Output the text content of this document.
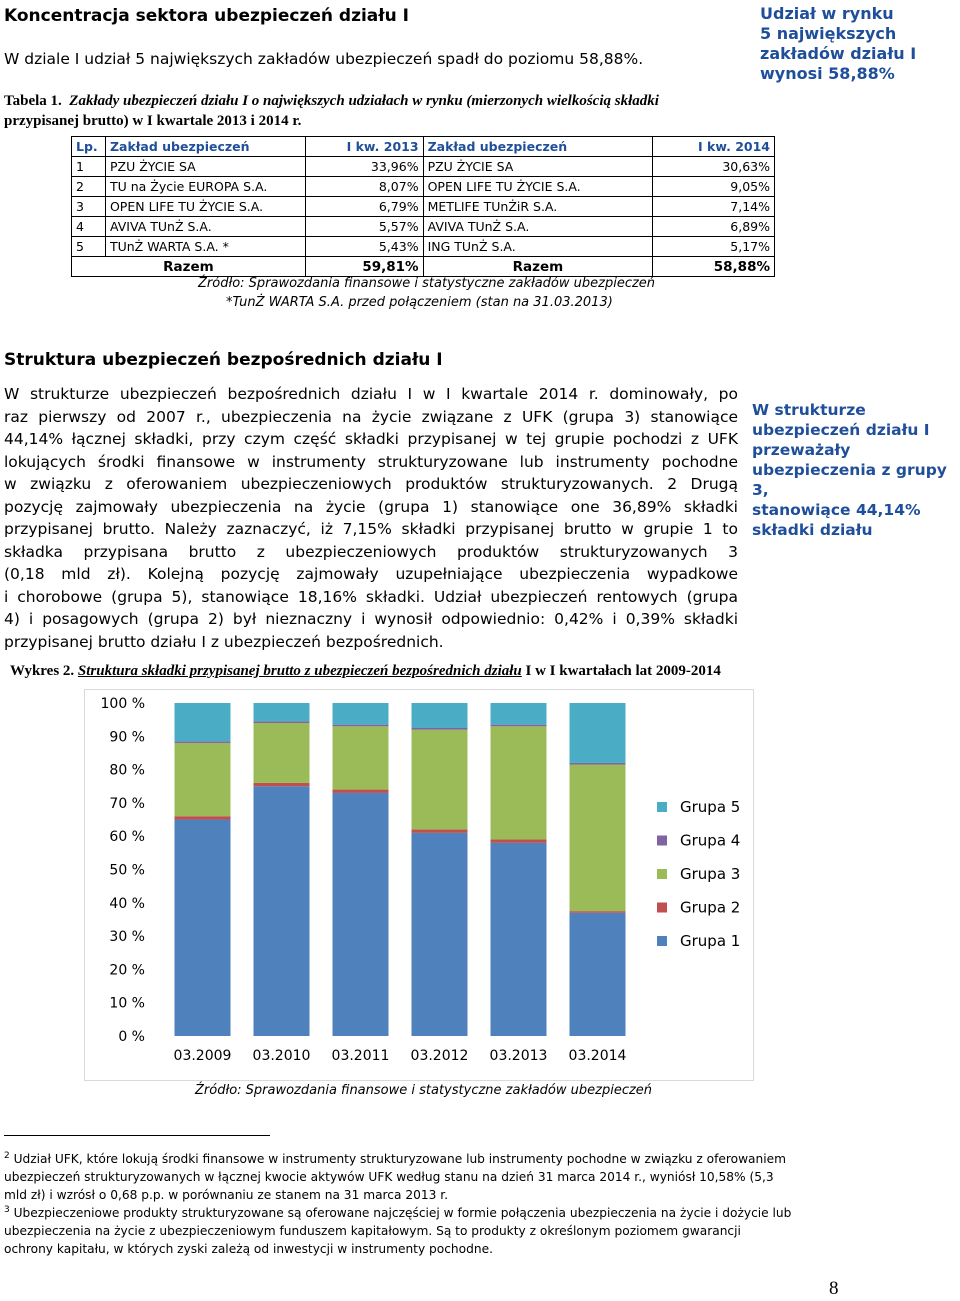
Koncentracja sektora ubezpieczeń działu I
W dziale I udział 5 największych zakładów ubezpieczeń spadł do poziomu 58,88%.
Udział w rynku
5 największych
zakładów działu I
wynosi 58,88%
Tabela 1. Zakłady ubezpieczeń działu I o największych udziałach w rynku (mierzonych wielkością składki
przypisanej brutto) w I kwartale 2013 i 2014 r.
Lp.	Zakład ubezpieczeń	I kw. 2013	Zakład ubezpieczeń	I kw. 2014
1	PZU ŻYCIE SA	33,96%	PZU ŻYCIE SA	30,63%
2	TU na Życie EUROPA S.A.	8,07%	OPEN LIFE TU ŻYCIE S.A.	9,05%
3	OPEN LIFE TU ŻYCIE S.A.	6,79%	METLIFE TUnŻiR S.A.	7,14%
4	AVIVA TUnŻ S.A.	5,57%	AVIVA TUnŻ S.A.	6,89%
5	TUnŻ WARTA S.A. *	5,43%	ING TUnŻ S.A.	5,17%
Razem		59,81%	Razem	58,88%
Źródło: Sprawozdania finansowe i statystyczne zakładów ubezpieczeń
*TunŻ WARTA S.A. przed połączeniem (stan na 31.03.2013)
Struktura ubezpieczeń bezpośrednich działu I
W strukturze ubezpieczeń bezpośrednich działu I w I kwartale 2014 r. dominowały, po
raz pierwszy od 2007 r., ubezpieczenia na życie związane z UFK (grupa 3) stanowiące
44,14% łącznej składki, przy czym część składki przypisanej w tej grupie pochodzi z UFK
lokujących środki finansowe w instrumenty strukturyzowane lub instrumenty pochodne
w związku z oferowaniem ubezpieczeniowych produktów strukturyzowanych. 2 Drugą
pozycję zajmowały ubezpieczenia na życie (grupa 1) stanowiące one 36,89% składki
przypisanej brutto. Należy zaznaczyć, iż 7,15% składki przypisanej brutto w grupie 1 to
składka przypisana brutto z ubezpieczeniowych produktów strukturyzowanych 3
(0,18 mld zł). Kolejną pozycję zajmowały uzupełniające ubezpieczenia wypadkowe
i chorobowe (grupa 5), stanowiące 18,16% składki. Udział ubezpieczeń rentowych (grupa
4) i posagowych (grupa 2) był nieznaczny i wynosił odpowiednio: 0,42% i 0,39% składki
przypisanej brutto działu I z ubezpieczeń bezpośrednich.
W strukturze
ubezpieczeń działu I
przeważały
ubezpieczenia z grupy 3,
stanowiące 44,14%
składki działu
Wykres 2. Struktura składki przypisanej brutto z ubezpieczeń bezpośrednich działu I w I kwartałach lat 2009-2014
0 %
10 %
20 %
30 %
40 %
50 %
60 %
70 %
80 %
90 %
100 %
03.2009 03.2010 03.2011 03.2012 03.2013 03.2014
Grupa 5
Grupa 4
Grupa 3
Grupa 2
Grupa 1
Źródło: Sprawozdania finansowe i statystyczne zakładów ubezpieczeń
$^2$ Udział UFK, które lokują środki finansowe w instrumenty strukturyzowane lub instrumenty pochodne w związku z oferowaniem
ubezpieczeń strukturyzowanych w łącznej kwocie aktywów UFK według stanu na dzień 31 marca 2014 r., wyniósł 10,58% (5,3
mld zł) i wzrósł o 0,68 p.p. w porównaniu ze stanem na 31 marca 2013 r.
$^3$ Ubezpieczeniowe produkty strukturyzowane są oferowane najczęściej w formie połączenia ubezpieczenia na życie i dożycie lub
ubezpieczenia na życie z ubezpieczeniowym funduszem kapitałowym. Są to produkty z określonym poziomem gwarancji
ochrony kapitału, w których zyski zależą od inwestycji w instrumenty pochodne.
8
